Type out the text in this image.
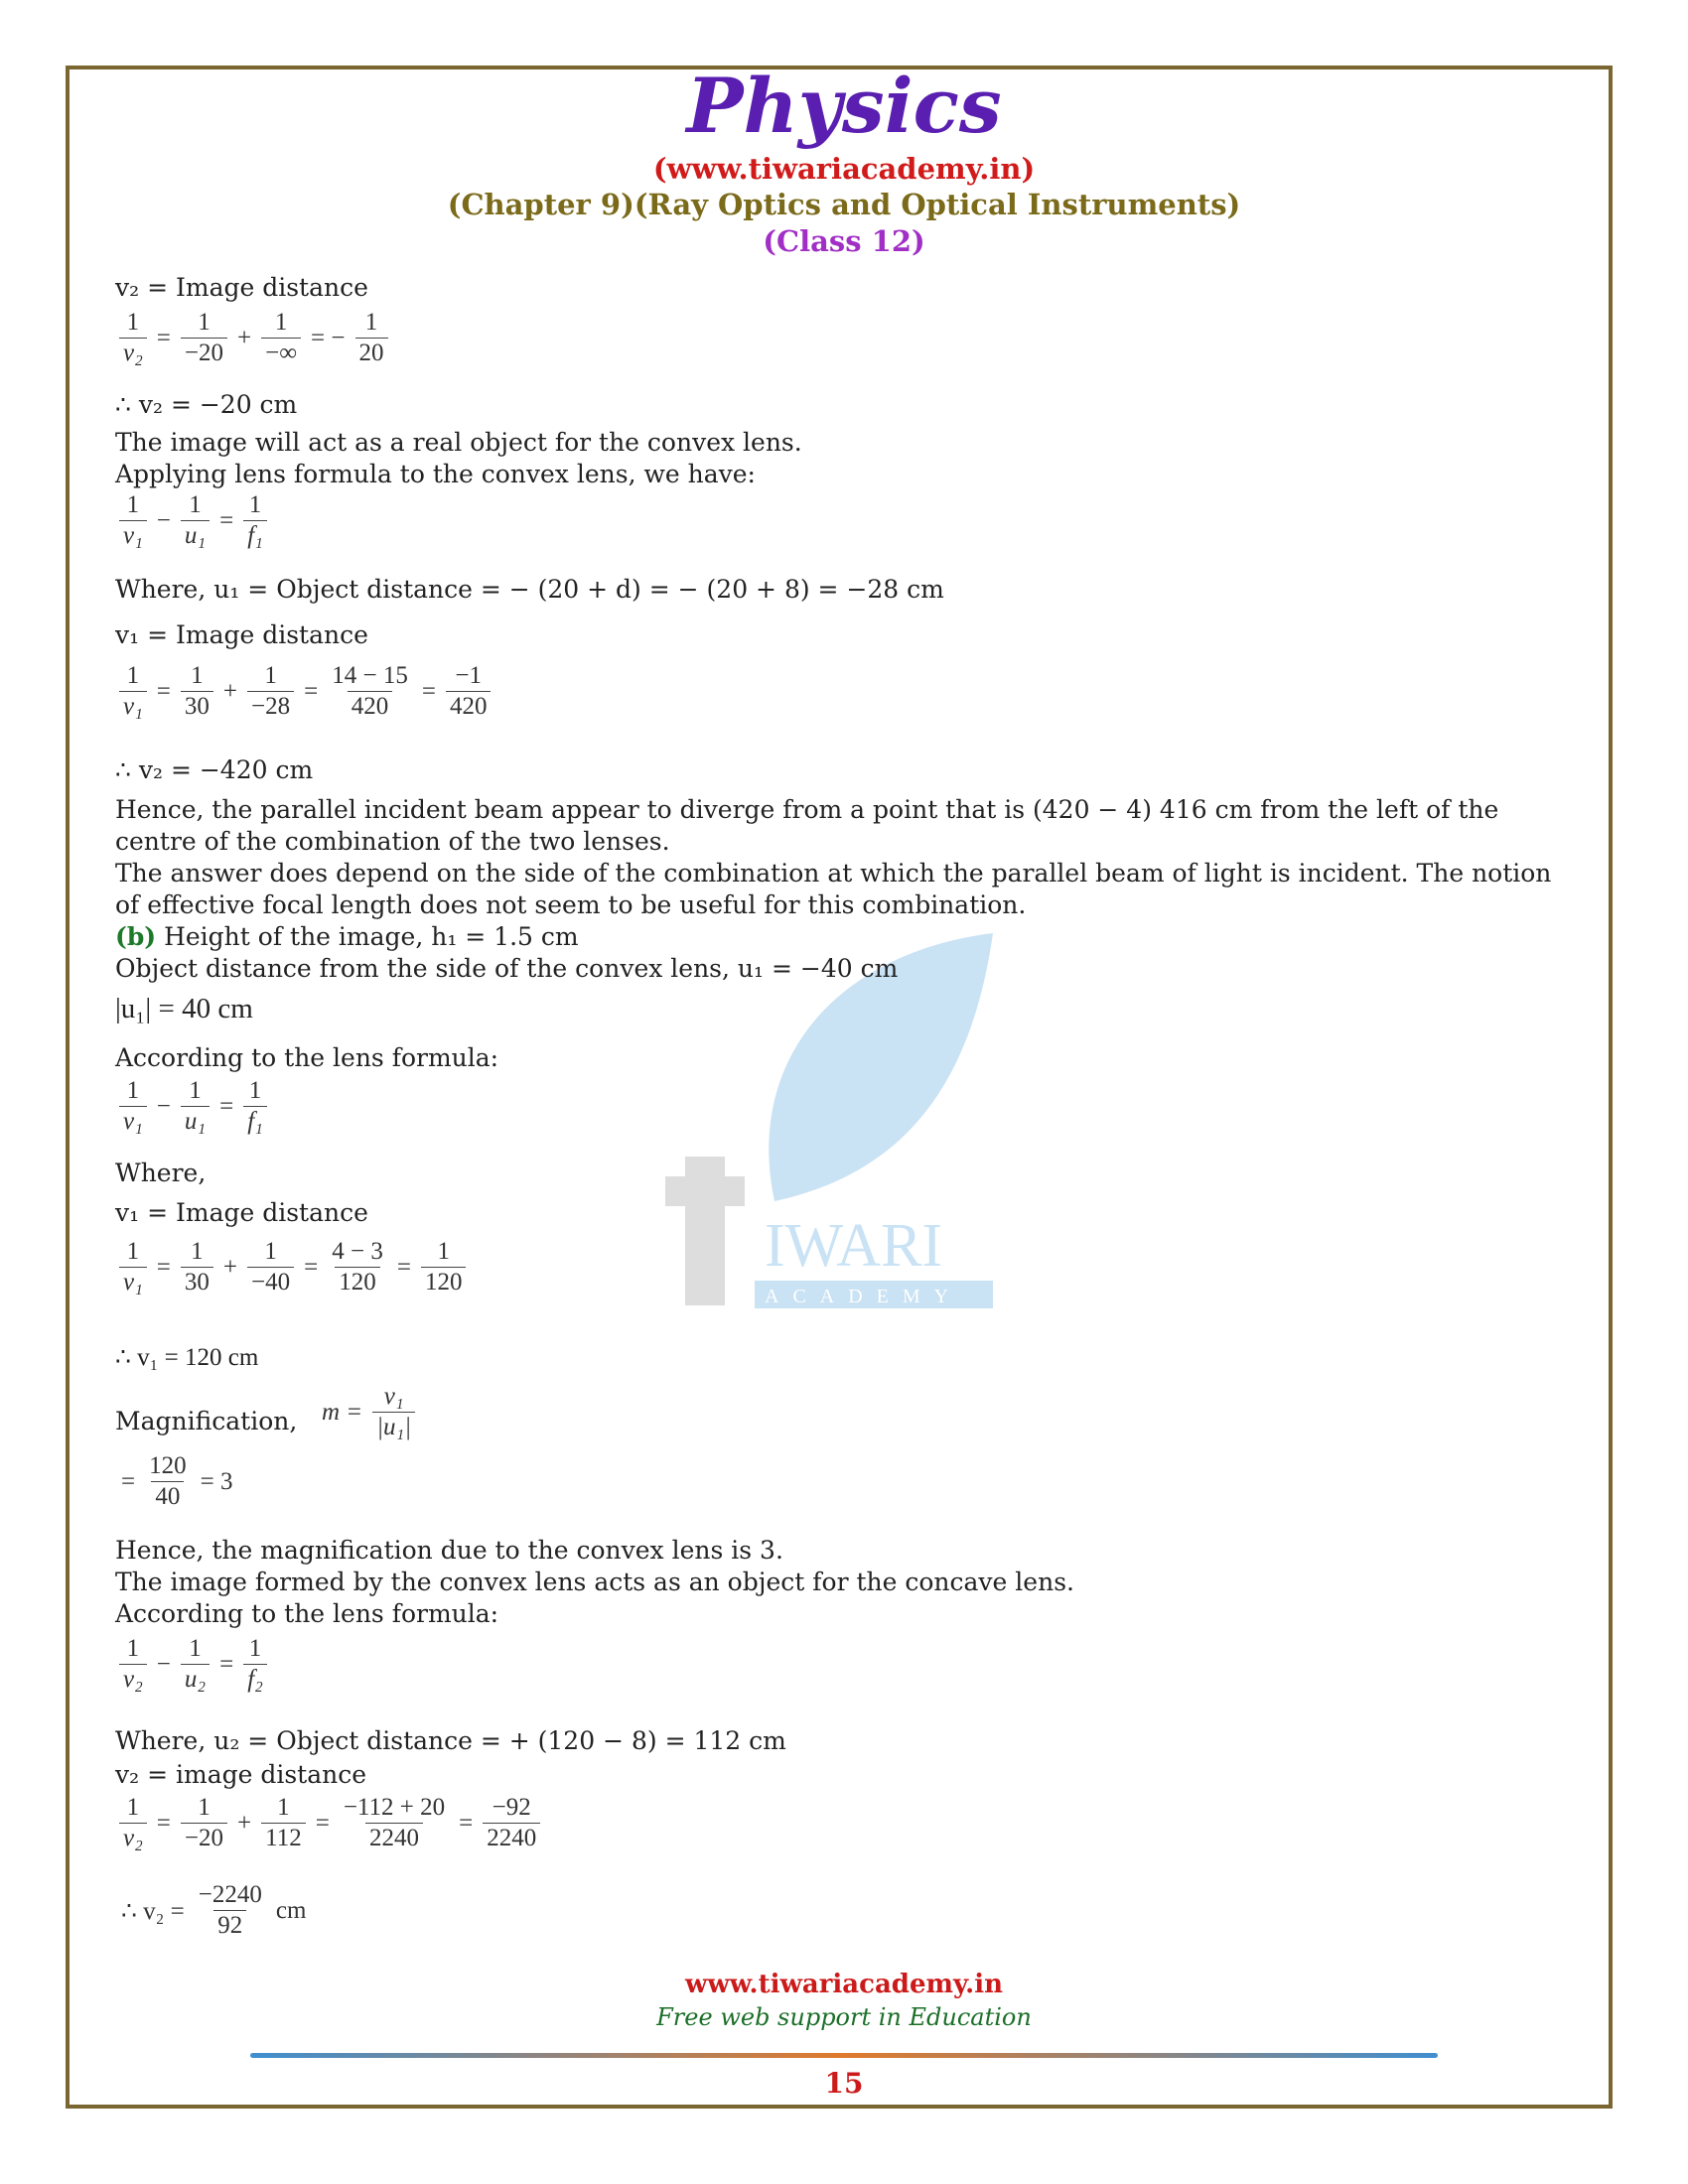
Physics
(www.tiwariacademy.in)
(Chapter 9)(Ray Optics and Optical Instruments)
(Class 12)
IWARI
ACADEMY
v₂ = Image distance
$\frac{1}{\text{v₂}} = \frac{1}{-20} + \frac{1}{-\infty}$ = − $\frac{1}{20}$
∴ v₂ = −20 cm
The image will act as a real object for the convex lens.
Applying lens formula to the convex lens, we have:
$\frac{1}{\text{v₁}} - \frac{1}{\text{u₁}} = \frac{1}{\text{f₁}}$
Where, u₁ = Object distance = − (20 + d) = − (20 + 8) = −28 cm
v₁ = Image distance
$\frac{1}{\text{v₁}} = \frac{1}{30} + \frac{1}{-28} = \frac{14 - 15}{420} = \frac{-1}{420}$
∴ v₂ = −420 cm
Hence, the parallel incident beam appear to diverge from a point that is (420 − 4) 416 cm from the left of the centre of the combination of the two lenses.
The answer does depend on the side of the combination at which the parallel beam of light is incident. The notion of effective focal length does not seem to be useful for this combination.
(b) Height of the image, h₁ = 1.5 cm
Object distance from the side of the convex lens, u₁ = −40 cm
|u₁| = 40 cm
According to the lens formula:
$\frac{1}{\text{v₁}} - \frac{1}{\text{u₁}} = \frac{1}{\text{f₁}}$
Where,
v₁ = Image distance
$\frac{1}{\text{v₁}} = \frac{1}{30} + \frac{1}{-40} = \frac{4 - 3}{120} = \frac{1}{120}$
∴ v₁ = 120 cm
Magnification, $m = \frac{\text{v₁}}{\text{|u₁|}}$
= $\frac{120}{40} = 3$
Hence, the magnification due to the convex lens is 3.
The image formed by the convex lens acts as an object for the concave lens.
According to the lens formula:
$\frac{1}{\text{v₂}} - \frac{1}{\text{u₂}} = \frac{1}{\text{f₂}}$
Where, u₂ = Object distance = + (120 − 8) = 112 cm
v₂ = image distance
$\frac{1}{\text{v₂}} = \frac{1}{-20} + \frac{1}{112} = \frac{-112 + 20}{2240} = \frac{-92}{2240}$
∴ $v_2 = \frac{-2240}{92}$ cm
www.tiwariacademy.in
Free web support in Education
15
